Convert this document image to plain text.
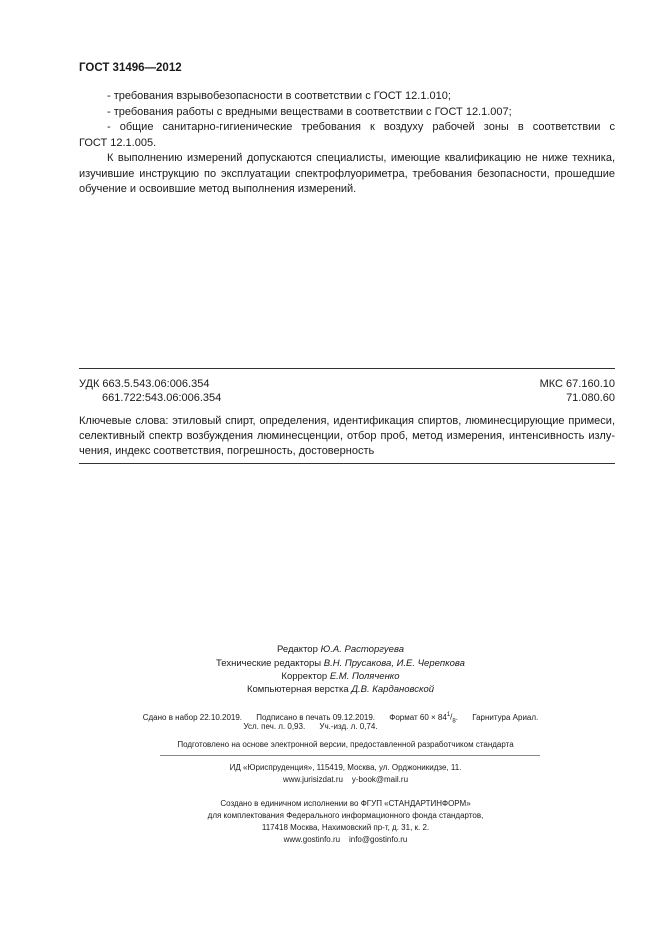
ГОСТ 31496—2012
- требования взрывобезопасности в соответствии с ГОСТ 12.1.010;
- требования работы с вредными веществами в соответствии с ГОСТ 12.1.007;
- общие санитарно-гигиенические требования к воздуху рабочей зоны в соответствии с
ГОСТ 12.1.005.
К выполнению измерений допускаются специалисты, имеющие квалификацию не ниже техника,
изучившие инструкцию по эксплуатации спектрофлуориметра, требования безопасности, прошедшие
обучение и освоившие метод выполнения измерений.
УДК 663.5.543.06:006.354	МКС 67.160.10
661.722:543.06:006.354	71.080.60
Ключевые слова: этиловый спирт, определения, идентификация спиртов, люминесцирующие примеси,
селективный спектр возбуждения люминесценции, отбор проб, метод измерения, интенсивность излу-
чения, индекс соответствия, погрешность, достоверность
Редактор Ю.А. Расторгуева
Технические редакторы В.Н. Прусакова, И.Е. Черепкова
Корректор Е.М. Поляченко
Компьютерная верстка Д.В. Кардановской
Сдано в набор 22.10.2019. Подписано в печать 09.12.2019. Формат $60 \times 84^1/_8$. Гарнитура Ариал.
Усл. печ. л. 0,93. Уч.-изд. л. 0,74.
Подготовлено на основе электронной версии, предоставленной разработчиком стандарта
ИД «Юриспруденция», 115419, Москва, ул. Орджоникидзе, 11.
www.jurisizdat.ru    y-book@mail.ru
Создано в единичном исполнении во ФГУП «СТАНДАРТИНФОРМ»
для комплектования Федерального информационного фонда стандартов,
117418 Москва, Нахимовский пр-т, д. 31, к. 2.
www.gostinfo.ru    info@gostinfo.ru
